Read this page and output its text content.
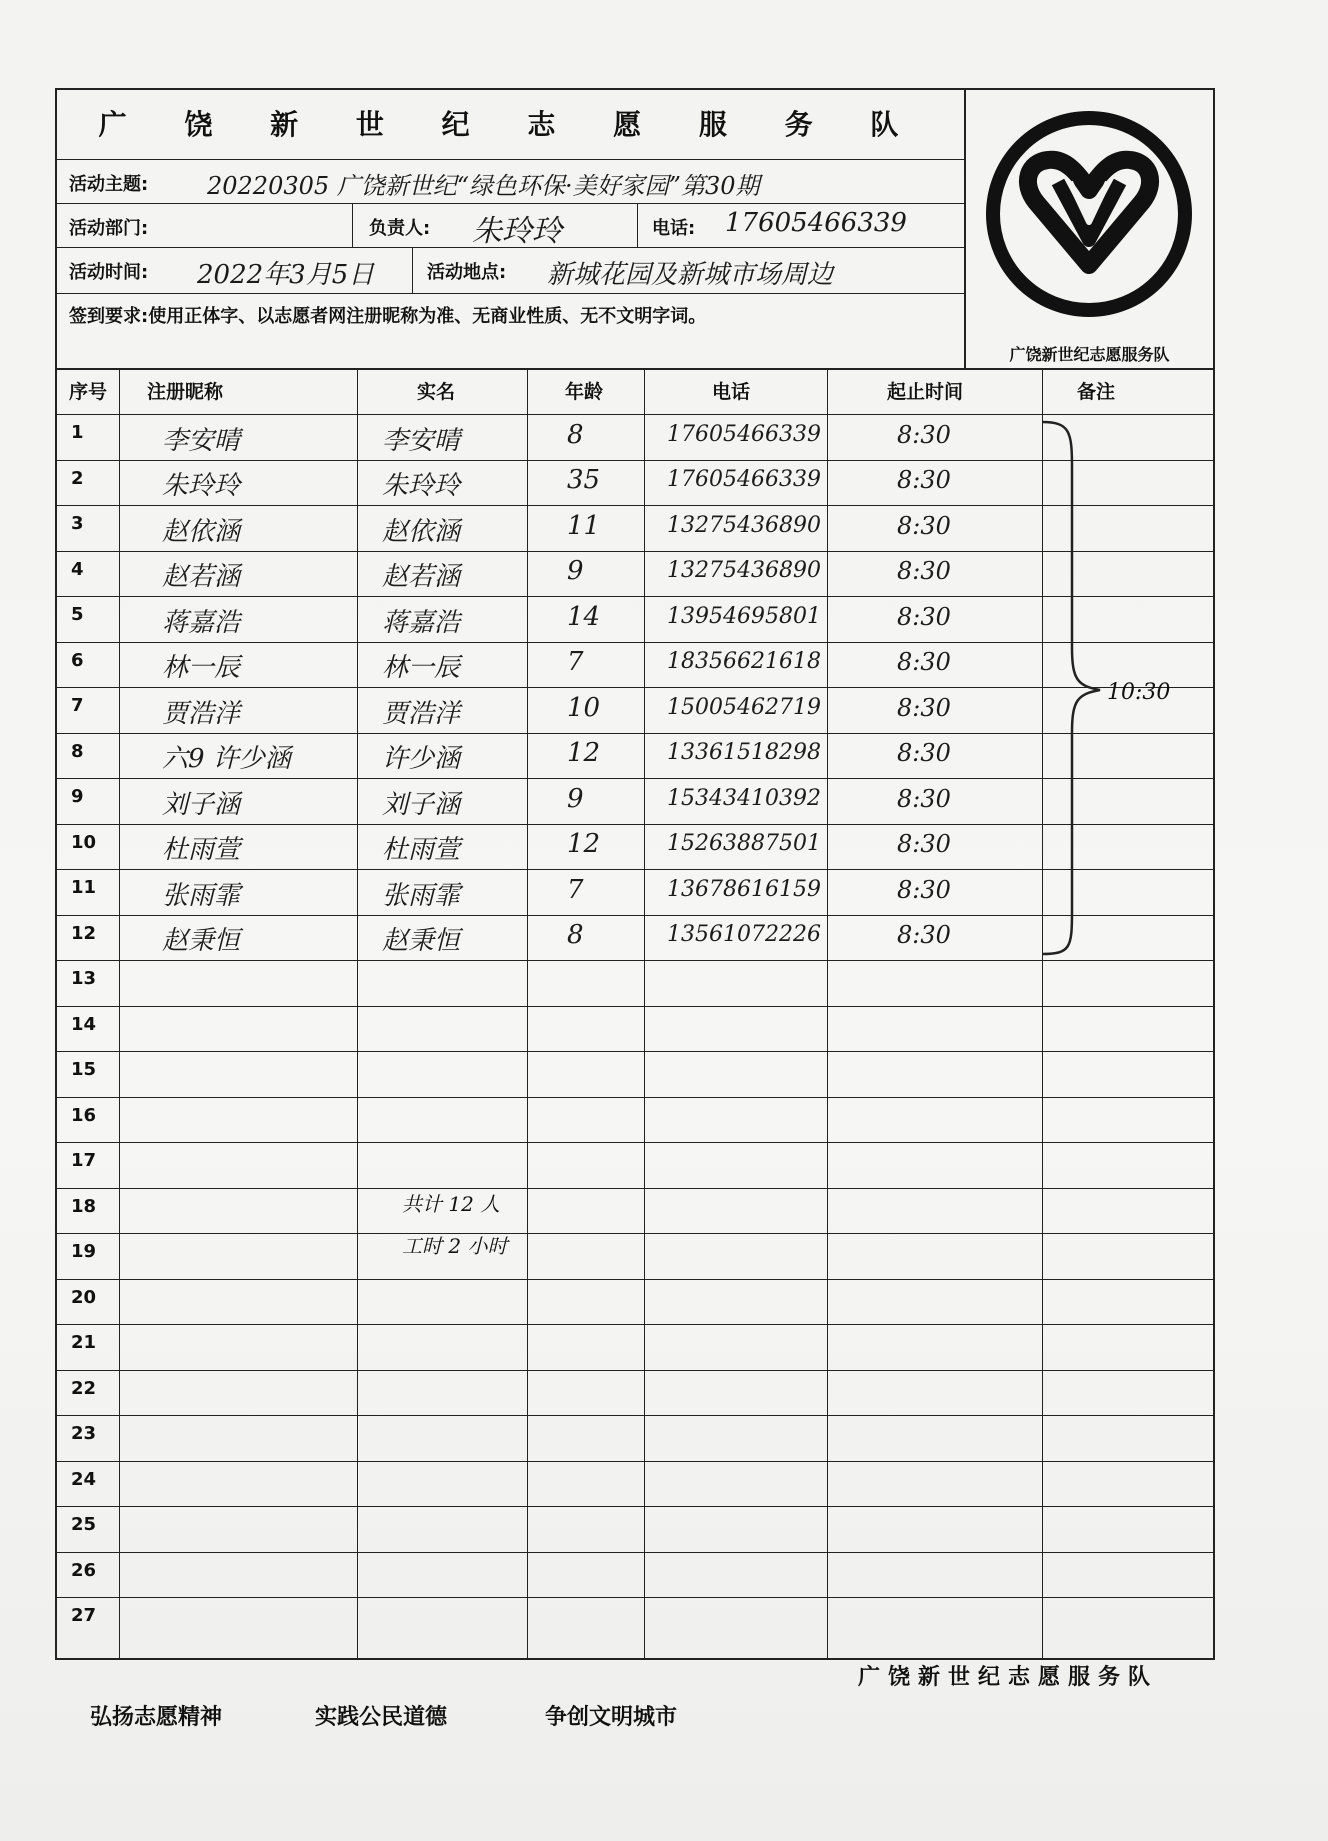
广 饶 新 世 纪 志 愿 服 务 队
活动主题: 20220305 广饶新世纪“绿色环保·美好家园”第30期
活动部门:	负责人: 朱玲玲	电话: 17605466339
活动时间: 2022年3月5日	活动地点: 新城花园及新城市场周边
签到要求:使用正体字、以志愿者网注册昵称为准、无商业性质、无不文明字词。
广饶新世纪志愿服务队
序号 注册昵称	实名	年龄	电话	起止时间	备注
1	李安晴	李安晴	8	17605466339	8:30
2	朱玲玲	朱玲玲	35	17605466339	8:30
3	赵依涵	赵依涵	11	13275436890	8:30
4	赵若涵	赵若涵	9	13275436890	8:30
5	蒋嘉浩	蒋嘉浩	14	13954695801	8:30
6	林一辰	林一辰	7	18356621618	8:30
7	贾浩洋	贾浩洋	10	15005462719	8:30
8	六9 许少涵	许少涵	12	13361518298	8:30
9	刘子涵	刘子涵	9	15343410392	8:30
10	杜雨萱	杜雨萱	12	15263887501	8:30
11	张雨霏	张雨霏	7	13678616159	8:30
12	赵秉恒	赵秉恒	8	13561072226	8:30
13
14
15
16
17
18
19
20
21
22
23
24
25
26
27
10:30
共计 12 人
工时 2 小时
广饶新世纪志愿服务队
弘扬志愿精神	实践公民道德	争创文明城市
